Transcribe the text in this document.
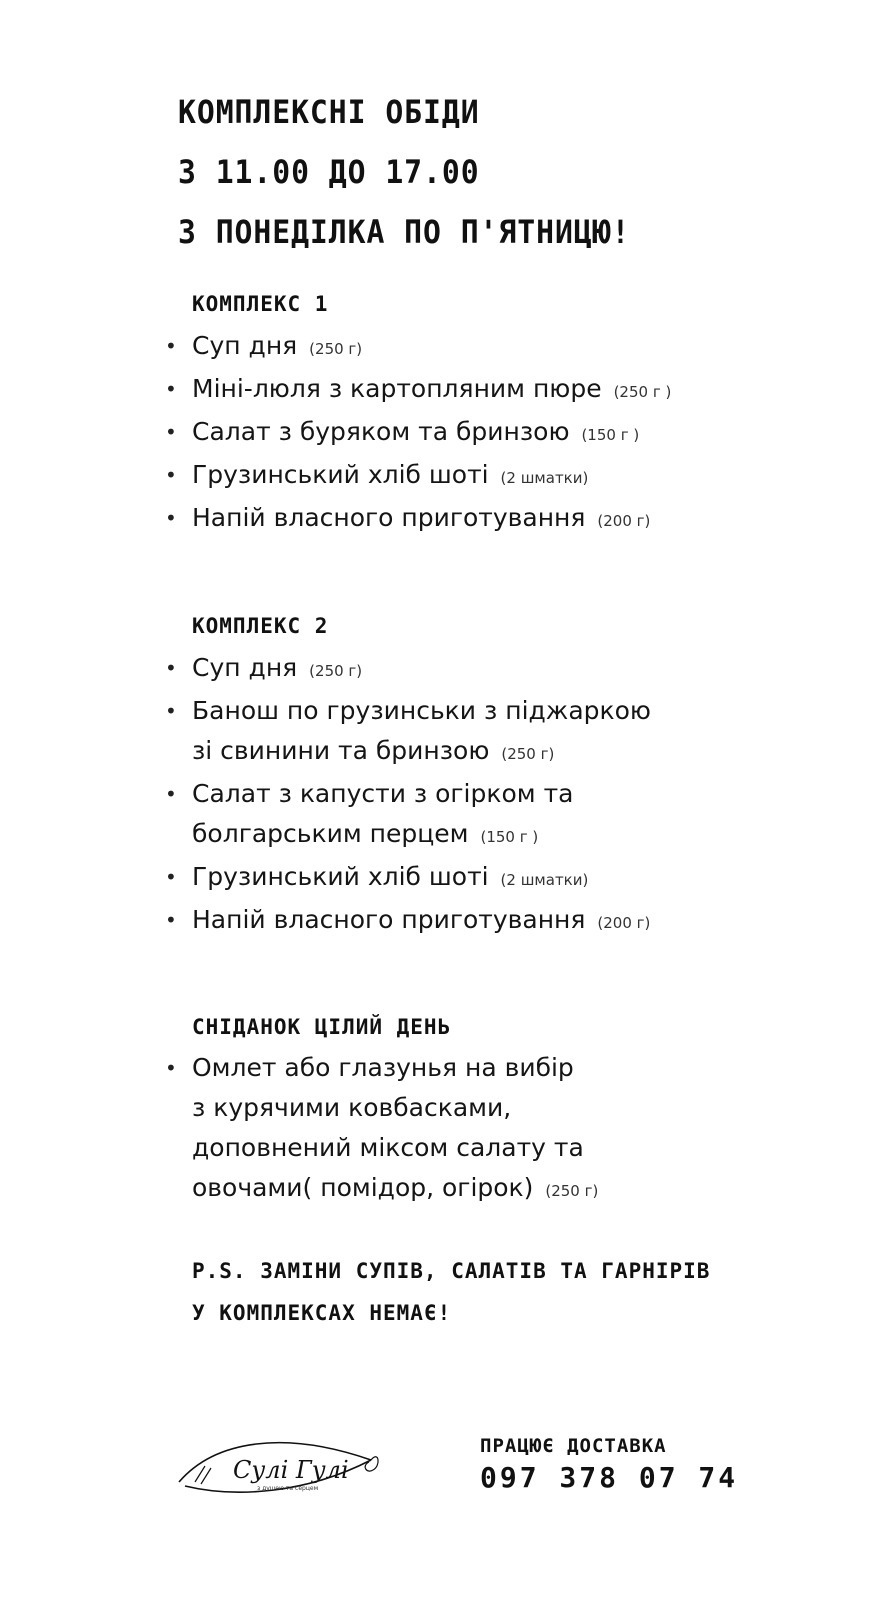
КОМПЛЕКСНІ ОБІДИ
З 11.00 ДО 17.00
З ПОНЕДІЛКА ПО П'ЯТНИЦЮ!
КОМПЛЕКС 1
• Суп дня (250 г)
• Міні-люля з картопляним пюре (250 г )
• Салат з буряком та бринзою (150 г )
• Грузинський хліб шоті (2 шматки)
• Напій власного приготування (200 г)
КОМПЛЕКС 2
• Суп дня (250 г)
• Банош по грузинськи з піджаркою
зі свинини та бринзою (250 г)
• Салат з капусти з огірком та
болгарським перцем (150 г )
• Грузинський хліб шоті (2 шматки)
• Напій власного приготування (200 г)
СНІДАНОК ЦІЛИЙ ДЕНЬ
• Омлет або глазунья на вибір
з курячими ковбасками,
доповнений міксом салату та
овочами( помідор, огірок) (250 г)
P.S. ЗАМІНИ СУПІВ, САЛАТІВ ТА ГАРНІРІВ
У КОМПЛЕКСАХ НЕМАЄ!
Сулі Гулі
з душею та серцем
ПРАЦЮЄ ДОСТАВКА
097 378 07 74
